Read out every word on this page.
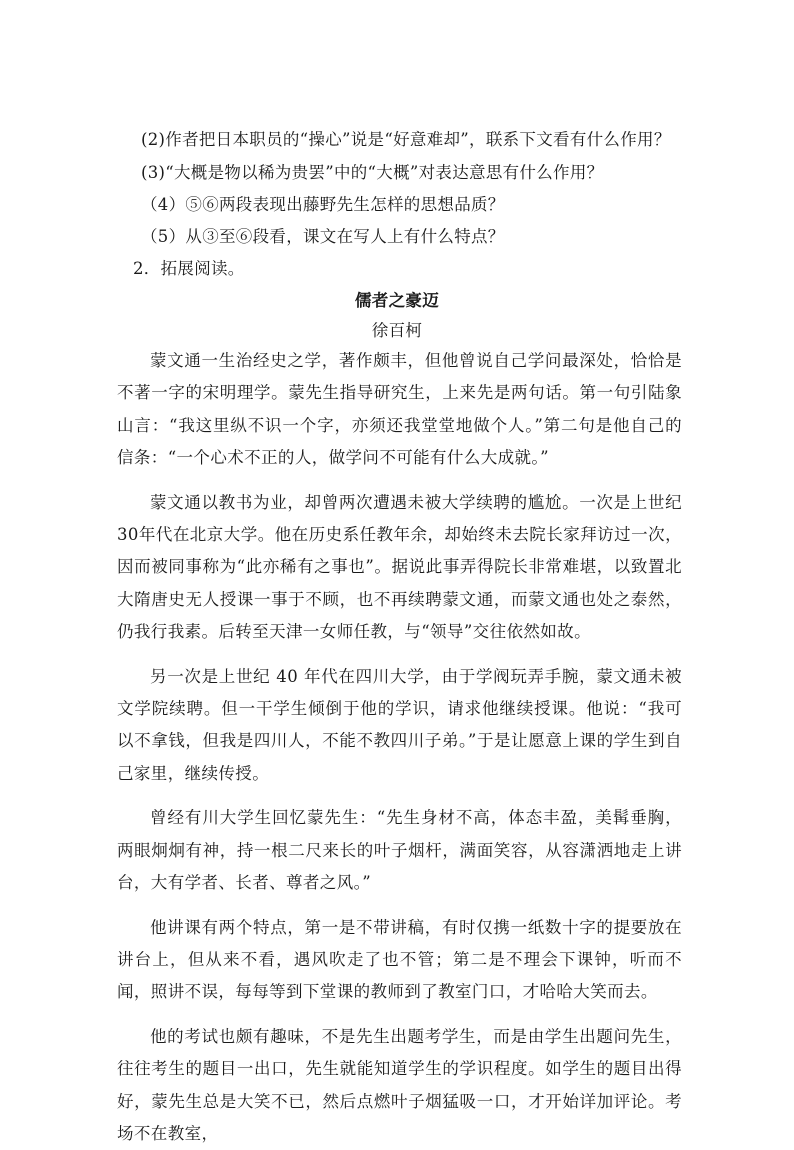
(2)作者把日本职员的“操心”说是“好意难却”，联系下文看有什么作用？
(3)“大概是物以稀为贵罢”中的“大概”对表达意思有什么作用？
（4）⑤⑥两段表现出藤野先生怎样的思想品质？
（5）从③至⑥段看，课文在写人上有什么特点？
2．拓展阅读。
儒者之豪迈
徐百柯

蒙文通一生治经史之学，著作颇丰，但他曾说自己学问最深处，恰恰是不著一字的宋明理学。蒙先生指导研究生，上来先是两句话。第一句引陆象山言：“我这里纵不识一个字，亦须还我堂堂地做个人。”第二句是他自己的信条：“一个心术不正的人，做学问不可能有什么大成就。”

蒙文通以教书为业，却曾两次遭遇未被大学续聘的尴尬。一次是上世纪 30年代在北京大学。他在历史系任教年余，却始终未去院长家拜访过一次，因而被同事称为“此亦稀有之事也”。据说此事弄得院长非常难堪，以致置北大隋唐史无人授课一事于不顾，也不再续聘蒙文通，而蒙文通也处之泰然，仍我行我素。后转至天津一女师任教，与“领导”交往依然如故。

另一次是上世纪 40 年代在四川大学，由于学阀玩弄手腕，蒙文通未被文学院续聘。但一干学生倾倒于他的学识，请求他继续授课。他说：“我可以不拿钱，但我是四川人，不能不教四川子弟。”于是让愿意上课的学生到自己家里，继续传授。

曾经有川大学生回忆蒙先生：“先生身材不高，体态丰盈，美髯垂胸，两眼炯炯有神，持一根二尺来长的叶子烟杆，满面笑容，从容潇洒地走上讲台，大有学者、长者、尊者之风。”

他讲课有两个特点，第一是不带讲稿，有时仅携一纸数十字的提要放在讲台上，但从来不看，遇风吹走了也不管；第二是不理会下课钟，听而不闻，照讲不误，每每等到下堂课的教师到了教室门口，才哈哈大笑而去。

他的考试也颇有趣味，不是先生出题考学生，而是由学生出题问先生，往往考生的题目一出口，先生就能知道学生的学识程度。如学生的题目出得好，蒙先生总是大笑不已，然后点燃叶子烟猛吸一口，才开始详加评论。考场不在教室，
